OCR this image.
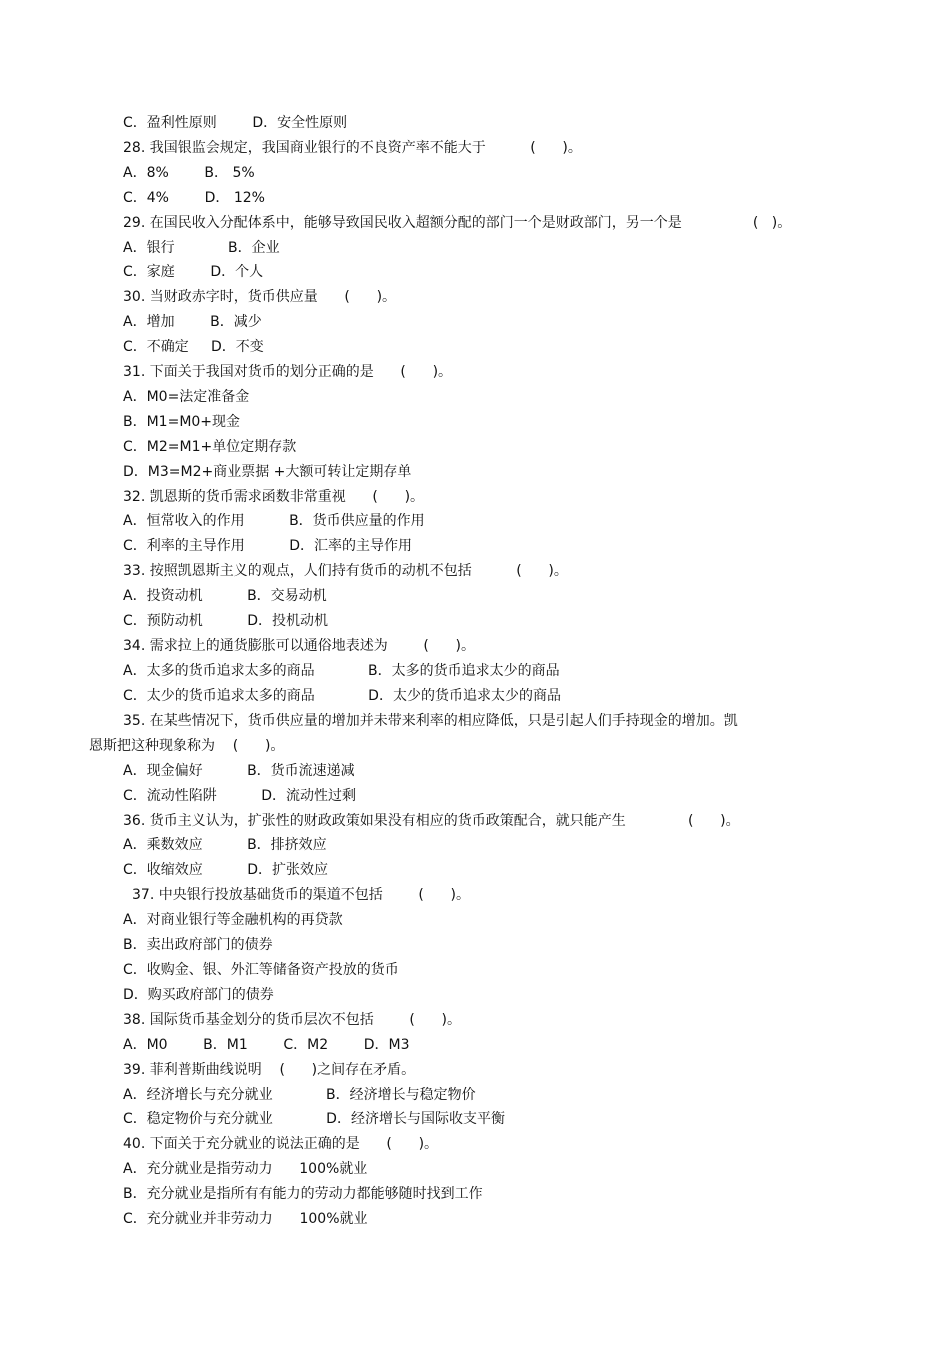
C．盈利性原则        D．安全性原则
28. 我国银监会规定，我国商业银行的不良资产率不能大于          (      )。
A．8%        B． 5%
C．4%        D． 12%
29. 在国民收入分配体系中，能够导致国民收入超额分配的部门一个是财政部门，另一个是                (   )。
A．银行            B．企业
C．家庭        D．个人
30. 当财政赤字时，货币供应量      (      )。
A．增加        B．减少
C．不确定     D．不变
31. 下面关于我国对货币的划分正确的是      (      )。
A．M0=法定准备金
B．M1=M0+现金
C．M2=M1+单位定期存款
D．M3=M2+商业票据 +大额可转让定期存单
32. 凯恩斯的货币需求函数非常重视      (      )。
A．恒常收入的作用          B．货币供应量的作用
C．利率的主导作用          D．汇率的主导作用
33. 按照凯恩斯主义的观点，人们持有货币的动机不包括          (      )。
A．投资动机          B．交易动机
C．预防动机          D．投机动机
34. 需求拉上的通货膨胀可以通俗地表述为        (      )。
A．太多的货币追求太多的商品            B．太多的货币追求太少的商品
C．太少的货币追求太多的商品            D．太少的货币追求太少的商品
35. 在某些情况下，货币供应量的增加并未带来利率的相应降低，只是引起人们手持现金的增加。凯
恩斯把这种现象称为    (      )。
A．现金偏好          B．货币流速递减
C．流动性陷阱          D．流动性过剩
36. 货币主义认为，扩张性的财政政策如果没有相应的货币政策配合，就只能产生              (      )。
A．乘数效应          B．排挤效应
C．收缩效应          D．扩张效应
37. 中央银行投放基础货币的渠道不包括        (      )。
A．对商业银行等金融机构的再贷款
B．卖出政府部门的债券
C．收购金、银、外汇等储备资产投放的货币
D．购买政府部门的债券
38. 国际货币基金划分的货币层次不包括        (      )。
A．M0        B．M1        C．M2        D．M3
39. 菲利普斯曲线说明    (      )之间存在矛盾。
A．经济增长与充分就业            B．经济增长与稳定物价
C．稳定物价与充分就业            D．经济增长与国际收支平衡
40. 下面关于充分就业的说法正确的是      (      )。
A．充分就业是指劳动力      100%就业
B．充分就业是指所有有能力的劳动力都能够随时找到工作
C．充分就业并非劳动力      100%就业
